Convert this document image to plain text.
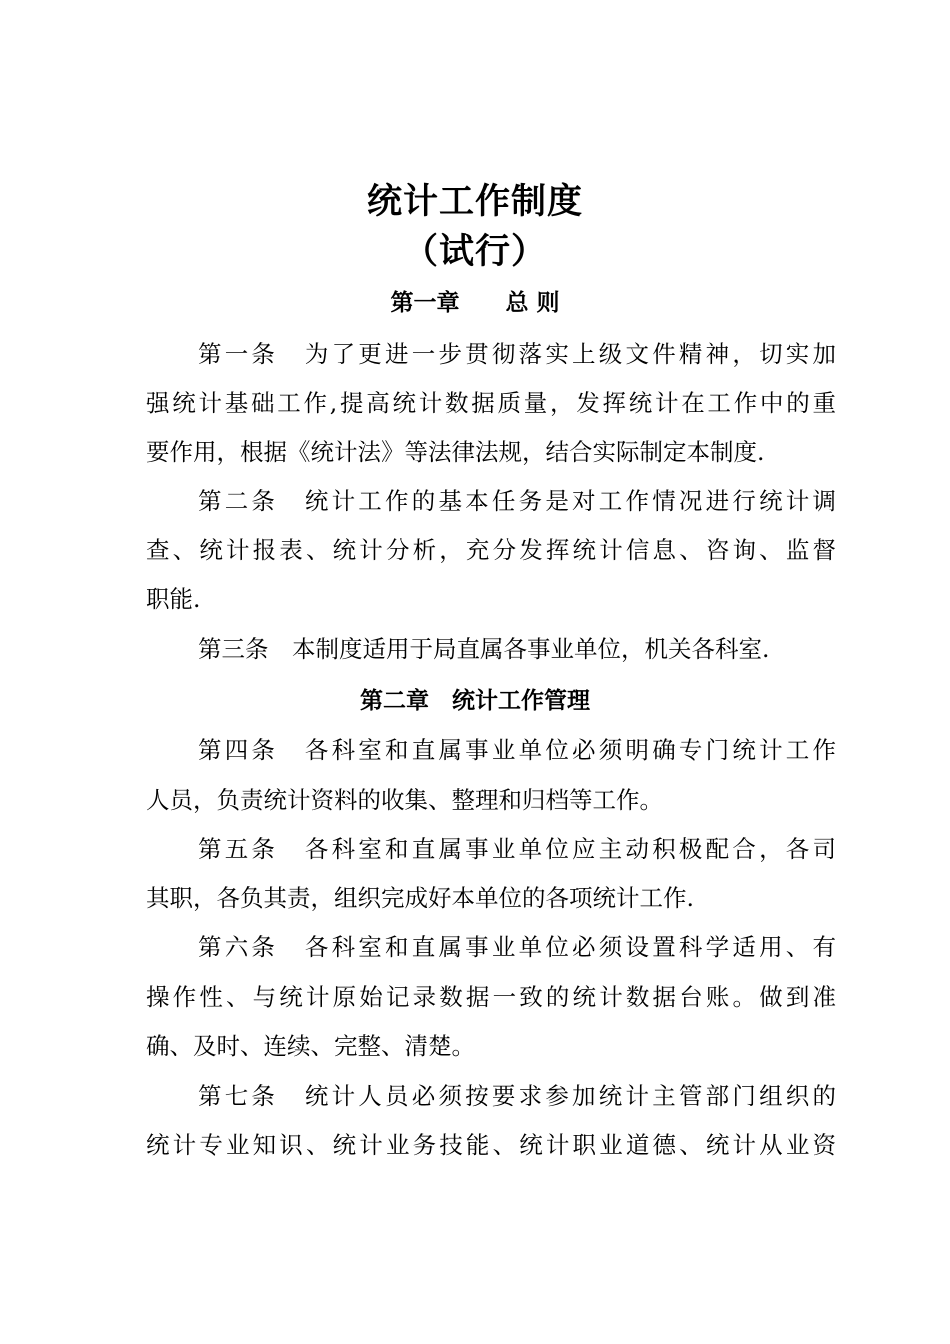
统计工作制度
（试行）
第一章　　总 则
第一条　为了更进一步贯彻落实上级文件精神，切实加
强统计基础工作,提高统计数据质量，发挥统计在工作中的重
要作用，根据《统计法》等法律法规，结合实际制定本制度.
第二条　统计工作的基本任务是对工作情况进行统计调
查、统计报表、统计分析，充分发挥统计信息、咨询、监督
职能.
第三条　本制度适用于局直属各事业单位，机关各科室.
第二章　统计工作管理
第四条　各科室和直属事业单位必须明确专门统计工作
人员，负责统计资料的收集、整理和归档等工作。
第五条　各科室和直属事业单位应主动积极配合，各司
其职，各负其责，组织完成好本单位的各项统计工作.
第六条　各科室和直属事业单位必须设置科学适用、有
操作性、与统计原始记录数据一致的统计数据台账。做到准
确、及时、连续、完整、清楚。
第七条　统计人员必须按要求参加统计主管部门组织的
统计专业知识、统计业务技能、统计职业道德、统计从业资
